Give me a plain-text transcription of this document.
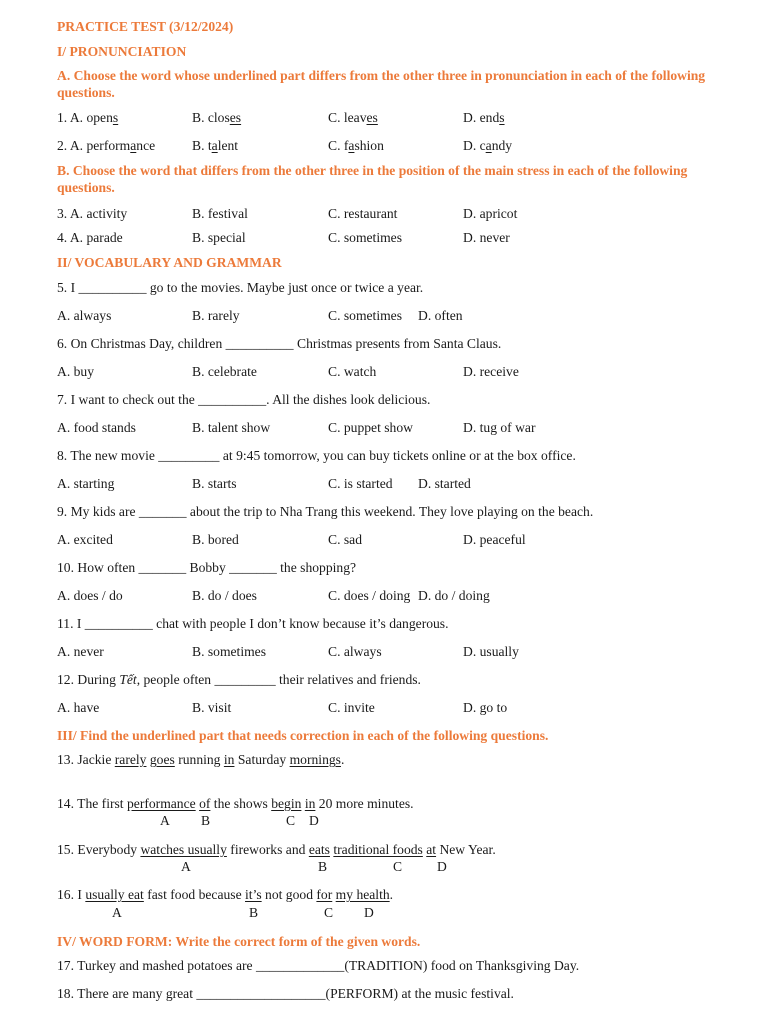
PRACTICE TEST (3/12/2024)
I/ PRONUNCIATION
A. Choose the word whose underlined part differs from the other three in pronunciation in each of the following questions.
1. A. opens	B. closes	C. leaves	D. ends
2. A. performance	B. talent	C. fashion	D. candy
B. Choose the word that differs from the other three in the position of the main stress in each of the following questions.
3. A. activity	B. festival	C. restaurant	D. apricot
4. A. parade	B. special	C. sometimes	D. never
II/ VOCABULARY AND GRAMMAR
5. I __________ go to the movies. Maybe just once or twice a year.
A. always	B. rarely	C. sometimes D. often
6. On Christmas Day, children __________ Christmas presents from Santa Claus.
A. buy	B. celebrate	C. watch	D. receive
7. I want to check out the __________. All the dishes look delicious.
A. food stands	B. talent show	C. puppet show	D. tug of war
8. The new movie _________ at 9:45 tomorrow, you can buy tickets online or at the box office.
A. starting	B. starts	C. is started D. started
9. My kids are _______ about the trip to Nha Trang this weekend. They love playing on the beach.
A. excited	B. bored	C. sad	D. peaceful
10. How often _______ Bobby _______ the shopping?
A. does / do	B. do / does	C. does / doing D. do / doing
11. I __________ chat with people I don’t know because it’s dangerous.
A. never	B. sometimes	C. always	D. usually
12. During Tết, people often _________ their relatives and friends.
A. have	B. visit	C. invite	D. go to
III/ Find the underlined part that needs correction in each of the following questions.
13. Jackie rarely goes running in Saturday mornings.
14. The first performance of the shows begin in 20 more minutes.
A B	C D
15. Everybody watches usually fireworks and eats traditional foods at New Year.
A	B	C	D
16. I usually eat fast food because it’s not good for my health.
A	B	C D
IV/ WORD FORM: Write the correct form of the given words.
17. Turkey and mashed potatoes are _____________(TRADITION) food on Thanksgiving Day.
18. There are many great ___________________(PERFORM) at the music festival.
